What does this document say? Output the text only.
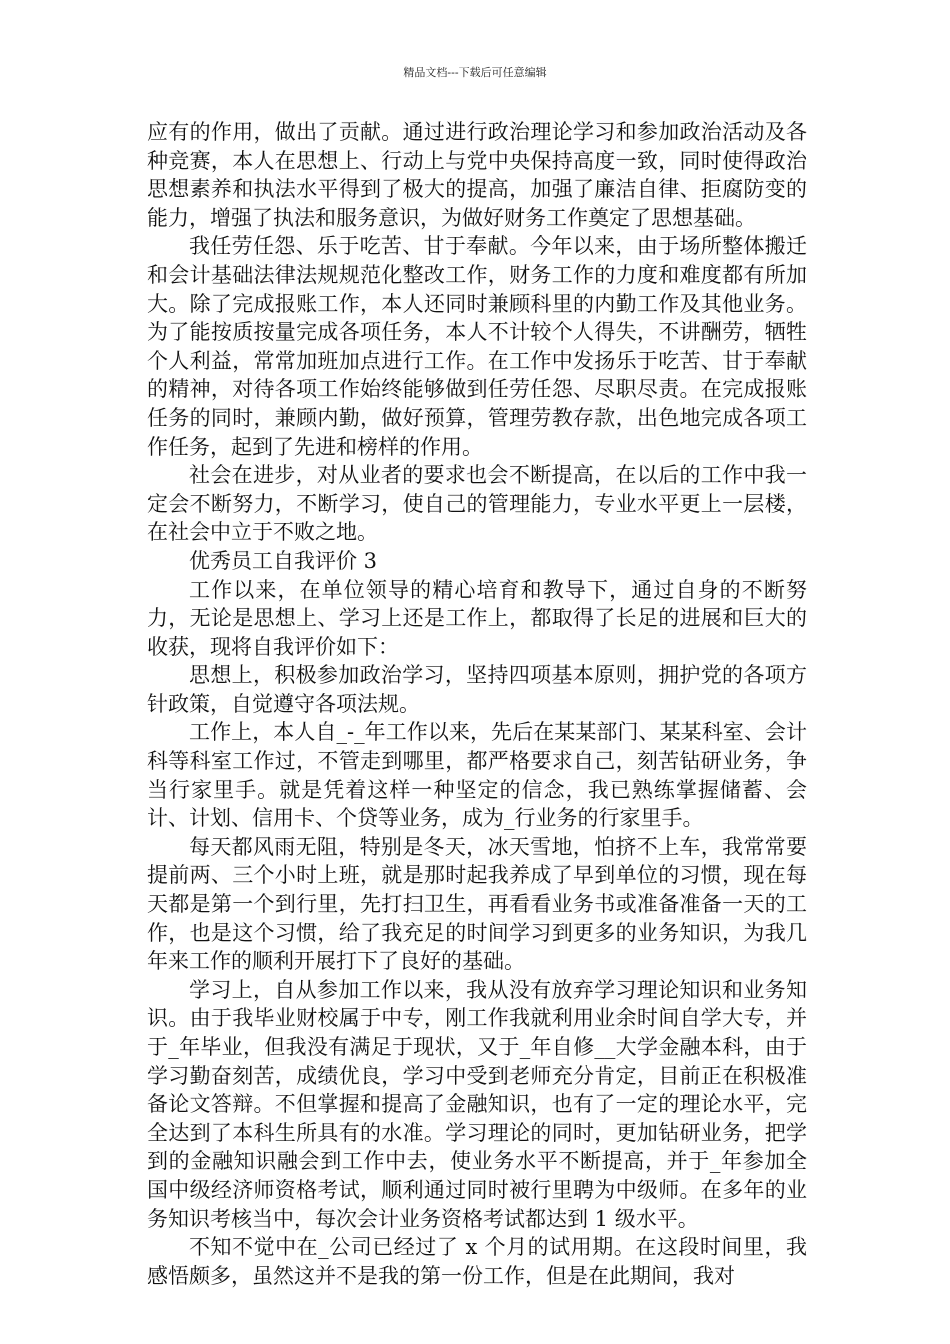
精品文档---下载后可任意编辑

应有的作用，做出了贡献。通过进行政治理论学习和参加政治活动及各种竞赛，本人在思想上、行动上与党中央保持高度一致，同时使得政治思想素养和执法水平得到了极大的提高，加强了廉洁自律、拒腐防变的能力，增强了执法和服务意识，为做好财务工作奠定了思想基础。

我任劳任怨、乐于吃苦、甘于奉献。今年以来，由于场所整体搬迁和会计基础法律法规规范化整改工作，财务工作的力度和难度都有所加大。除了完成报账工作，本人还同时兼顾科里的内勤工作及其他业务。为了能按质按量完成各项任务，本人不计较个人得失，不讲酬劳，牺牲个人利益，常常加班加点进行工作。在工作中发扬乐于吃苦、甘于奉献的精神，对待各项工作始终能够做到任劳任怨、尽职尽责。在完成报账任务的同时，兼顾内勤，做好预算，管理劳教存款，出色地完成各项工作任务，起到了先进和榜样的作用。

社会在进步，对从业者的要求也会不断提高，在以后的工作中我一定会不断努力，不断学习，使自己的管理能力，专业水平更上一层楼，在社会中立于不败之地。

优秀员工自我评价 3

工作以来，在单位领导的精心培育和教导下，通过自身的不断努力，无论是思想上、学习上还是工作上，都取得了长足的进展和巨大的收获，现将自我评价如下：

思想上，积极参加政治学习，坚持四项基本原则，拥护党的各项方针政策，自觉遵守各项法规。

工作上，本人自_-_年工作以来，先后在某某部门、某某科室、会计科等科室工作过，不管走到哪里，都严格要求自己，刻苦钻研业务，争当行家里手。就是凭着这样一种坚定的信念，我已熟练掌握储蓄、会计、计划、信用卡、个贷等业务，成为_行业务的行家里手。

每天都风雨无阻，特别是冬天，冰天雪地，怕挤不上车，我常常要提前两、三个小时上班，就是那时起我养成了早到单位的习惯，现在每天都是第一个到行里，先打扫卫生，再看看业务书或准备准备一天的工作，也是这个习惯，给了我充足的时间学习到更多的业务知识，为我几年来工作的顺利开展打下了良好的基础。

学习上，自从参加工作以来，我从没有放弃学习理论知识和业务知识。由于我毕业财校属于中专，刚工作我就利用业余时间自学大专，并于_年毕业，但我没有满足于现状，又于_年自修__大学金融本科，由于学习勤奋刻苦，成绩优良，学习中受到老师充分肯定，目前正在积极准备论文答辩。不但掌握和提高了金融知识，也有了一定的理论水平，完全达到了本科生所具有的水准。学习理论的同时，更加钻研业务，把学到的金融知识融会到工作中去，使业务水平不断提高，并于_年参加全国中级经济师资格考试，顺利通过同时被行里聘为中级师。在多年的业务知识考核当中，每次会计业务资格考试都达到 1 级水平。

不知不觉中在_公司已经过了 x 个月的试用期。在这段时间里，我感悟颇多，虽然这并不是我的第一份工作，但是在此期间，我对
